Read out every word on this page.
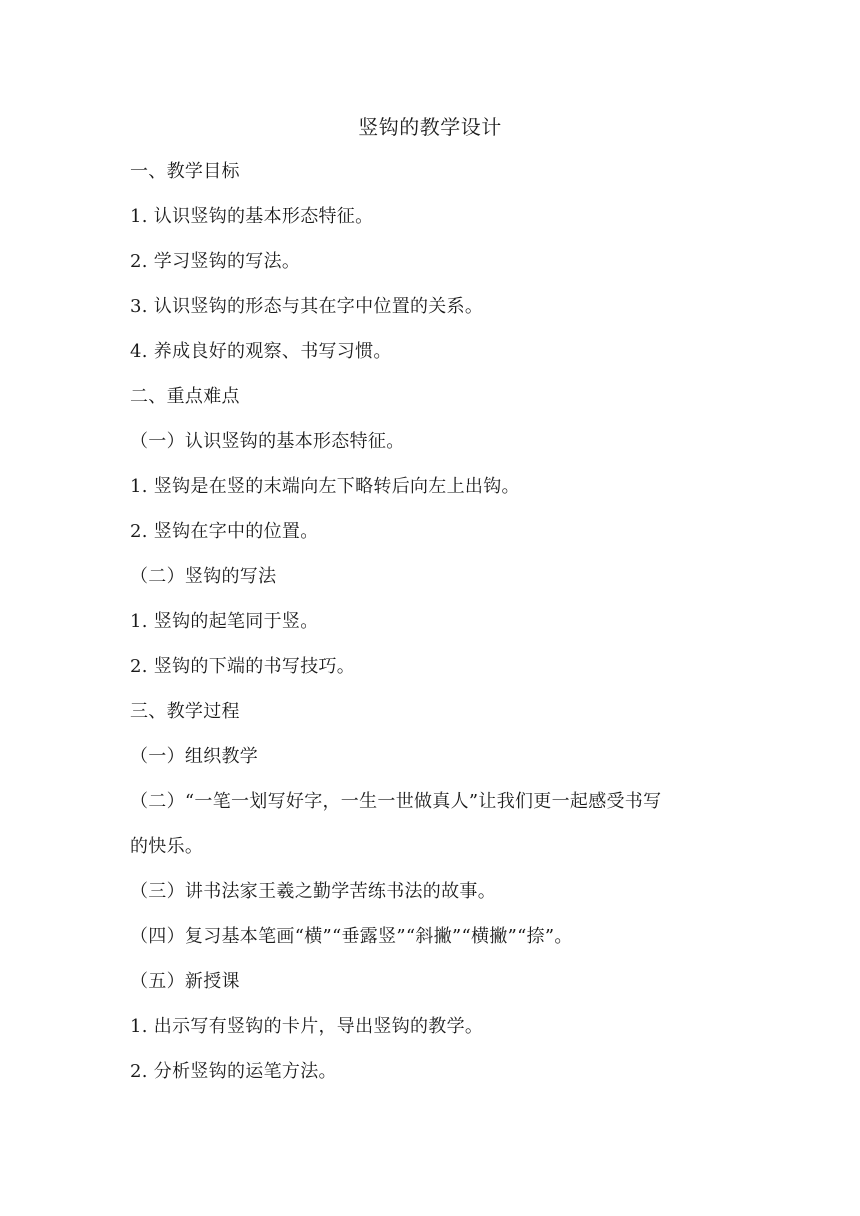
竖钩的教学设计
一、教学目标
1. 认识竖钩的基本形态特征。
2. 学习竖钩的写法。
3. 认识竖钩的形态与其在字中位置的关系。
4. 养成良好的观察、书写习惯。
二、重点难点
（一）认识竖钩的基本形态特征。
1. 竖钩是在竖的末端向左下略转后向左上出钩。
2. 竖钩在字中的位置。
（二）竖钩的写法
1. 竖钩的起笔同于竖。
2. 竖钩的下端的书写技巧。
三、教学过程
（一）组织教学
（二）“一笔一划写好字，一生一世做真人”让我们更一起感受书写
的快乐。
（三）讲书法家王羲之勤学苦练书法的故事。
（四）复习基本笔画“横”“垂露竖”“斜撇”“横撇”“捺”。
（五）新授课
1. 出示写有竖钩的卡片，导出竖钩的教学。
2. 分析竖钩的运笔方法。
